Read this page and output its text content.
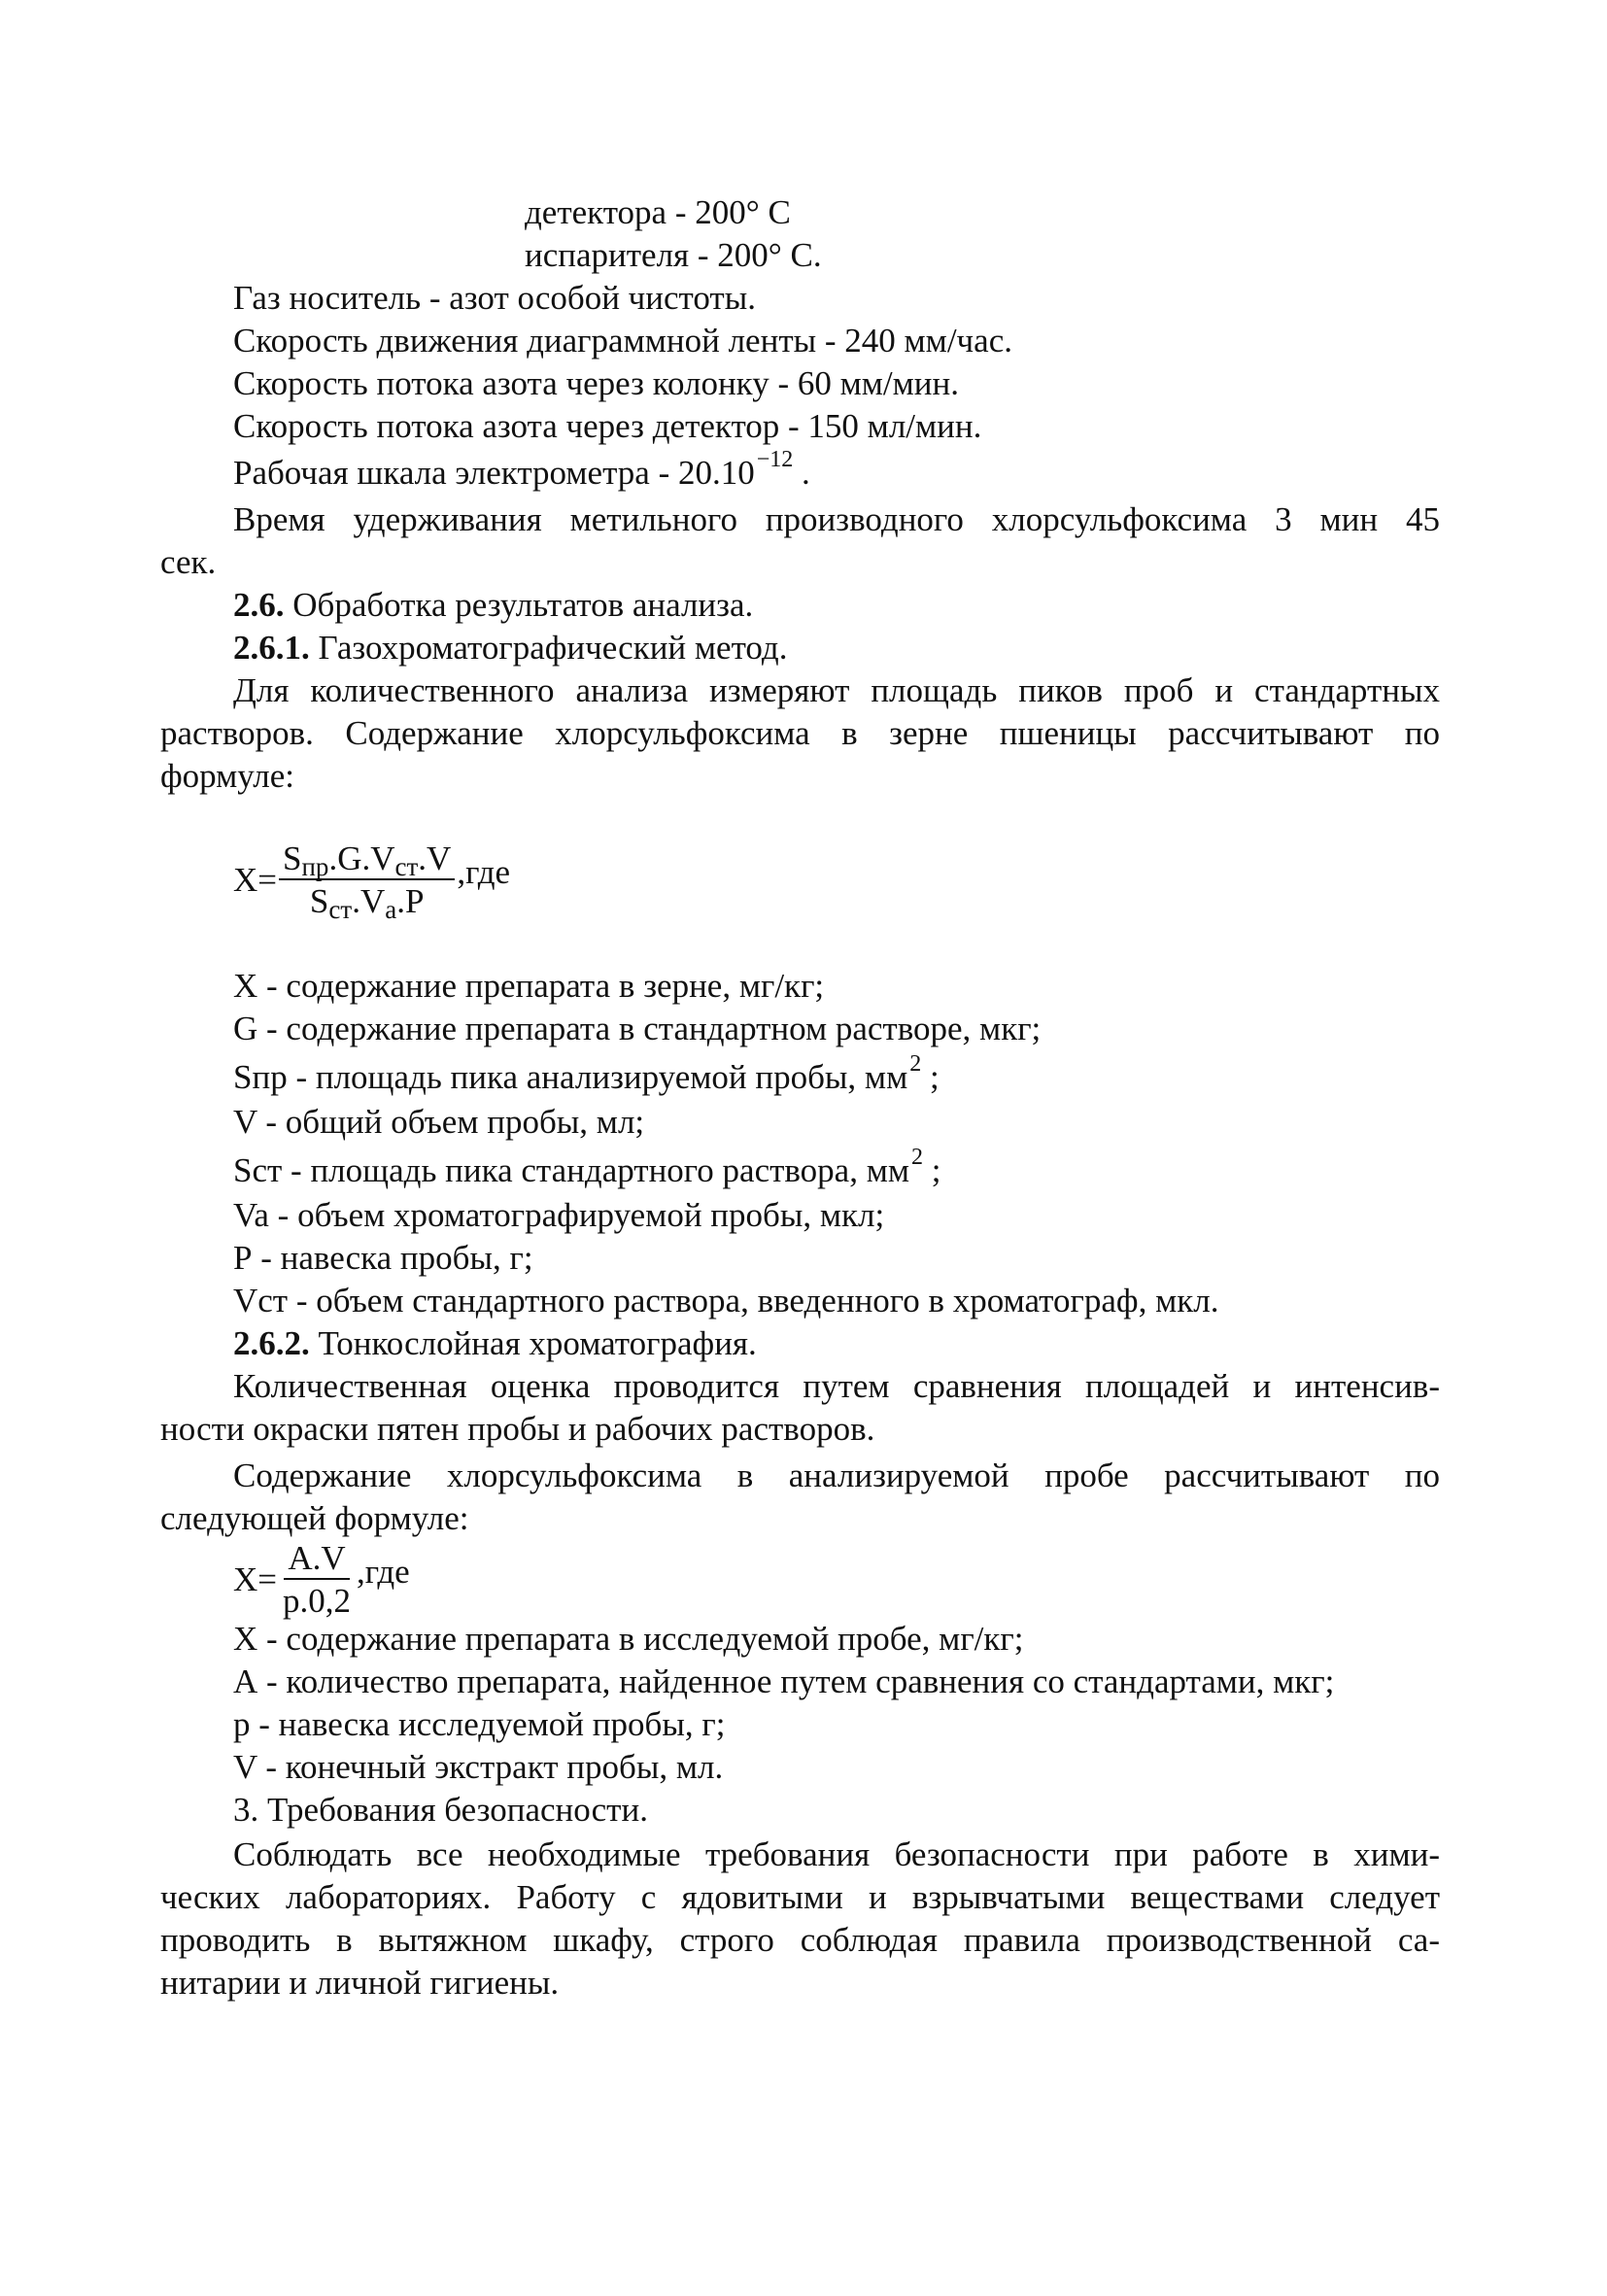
детектора - 200° С
испарителя - 200° С.
Газ носитель - азот особой чистоты.
Скорость движения диаграммной ленты - 240 мм/час.
Скорость потока азота через колонку - 60 мм/мин.
Скорость потока азота через детектор - 150 мл/мин.
Рабочая шкала электрометра - $20.10^{-12}$ .
Время удерживания метильного производного хлорсульфоксима 3 мин 45
сек.
2.6. Обработка результатов анализа.
2.6.1. Газохроматографический метод.
Для количественного анализа измеряют площадь пиков проб и стандартных
растворов. Содержание хлорсульфоксима в зерне пшеницы рассчитывают по
формуле:
$X= \frac{\text{Sпр.G.Vст.V}}{\text{Sст.Va.P}} ,где$
X - содержание препарата в зерне, мг/кг;
G - содержание препарата в стандартном растворе, мкг;
Sпр - площадь пика анализируемой пробы, $мм^2$ ;
V - общий объем пробы, мл;
Sст - площадь пика стандартного раствора, $мм^2$ ;
Va - объем хроматографируемой пробы, мкл;
Р - навеска пробы, г;
Vст - объем стандартного раствора, введенного в хроматограф, мкл.
2.6.2. Тонкослойная хроматография.
Количественная оценка проводится путем сравнения площадей и интенсив-
ности окраски пятен пробы и рабочих растворов.
Содержание хлорсульфоксима в анализируемой пробе рассчитывают по
следующей формуле:
$X= \frac{A.V}{p.0,2} ,где$
X - содержание препарата в исследуемой пробе, мг/кг;
А - количество препарата, найденное путем сравнения со стандартами, мкг;
p - навеска исследуемой пробы, г;
V - конечный экстракт пробы, мл.
3. Требования безопасности.
Соблюдать все необходимые требования безопасности при работе в хими-
ческих лабораториях. Работу с ядовитыми и взрывчатыми веществами следует
проводить в вытяжном шкафу, строго соблюдая правила производственной са-
нитарии и личной гигиены.
